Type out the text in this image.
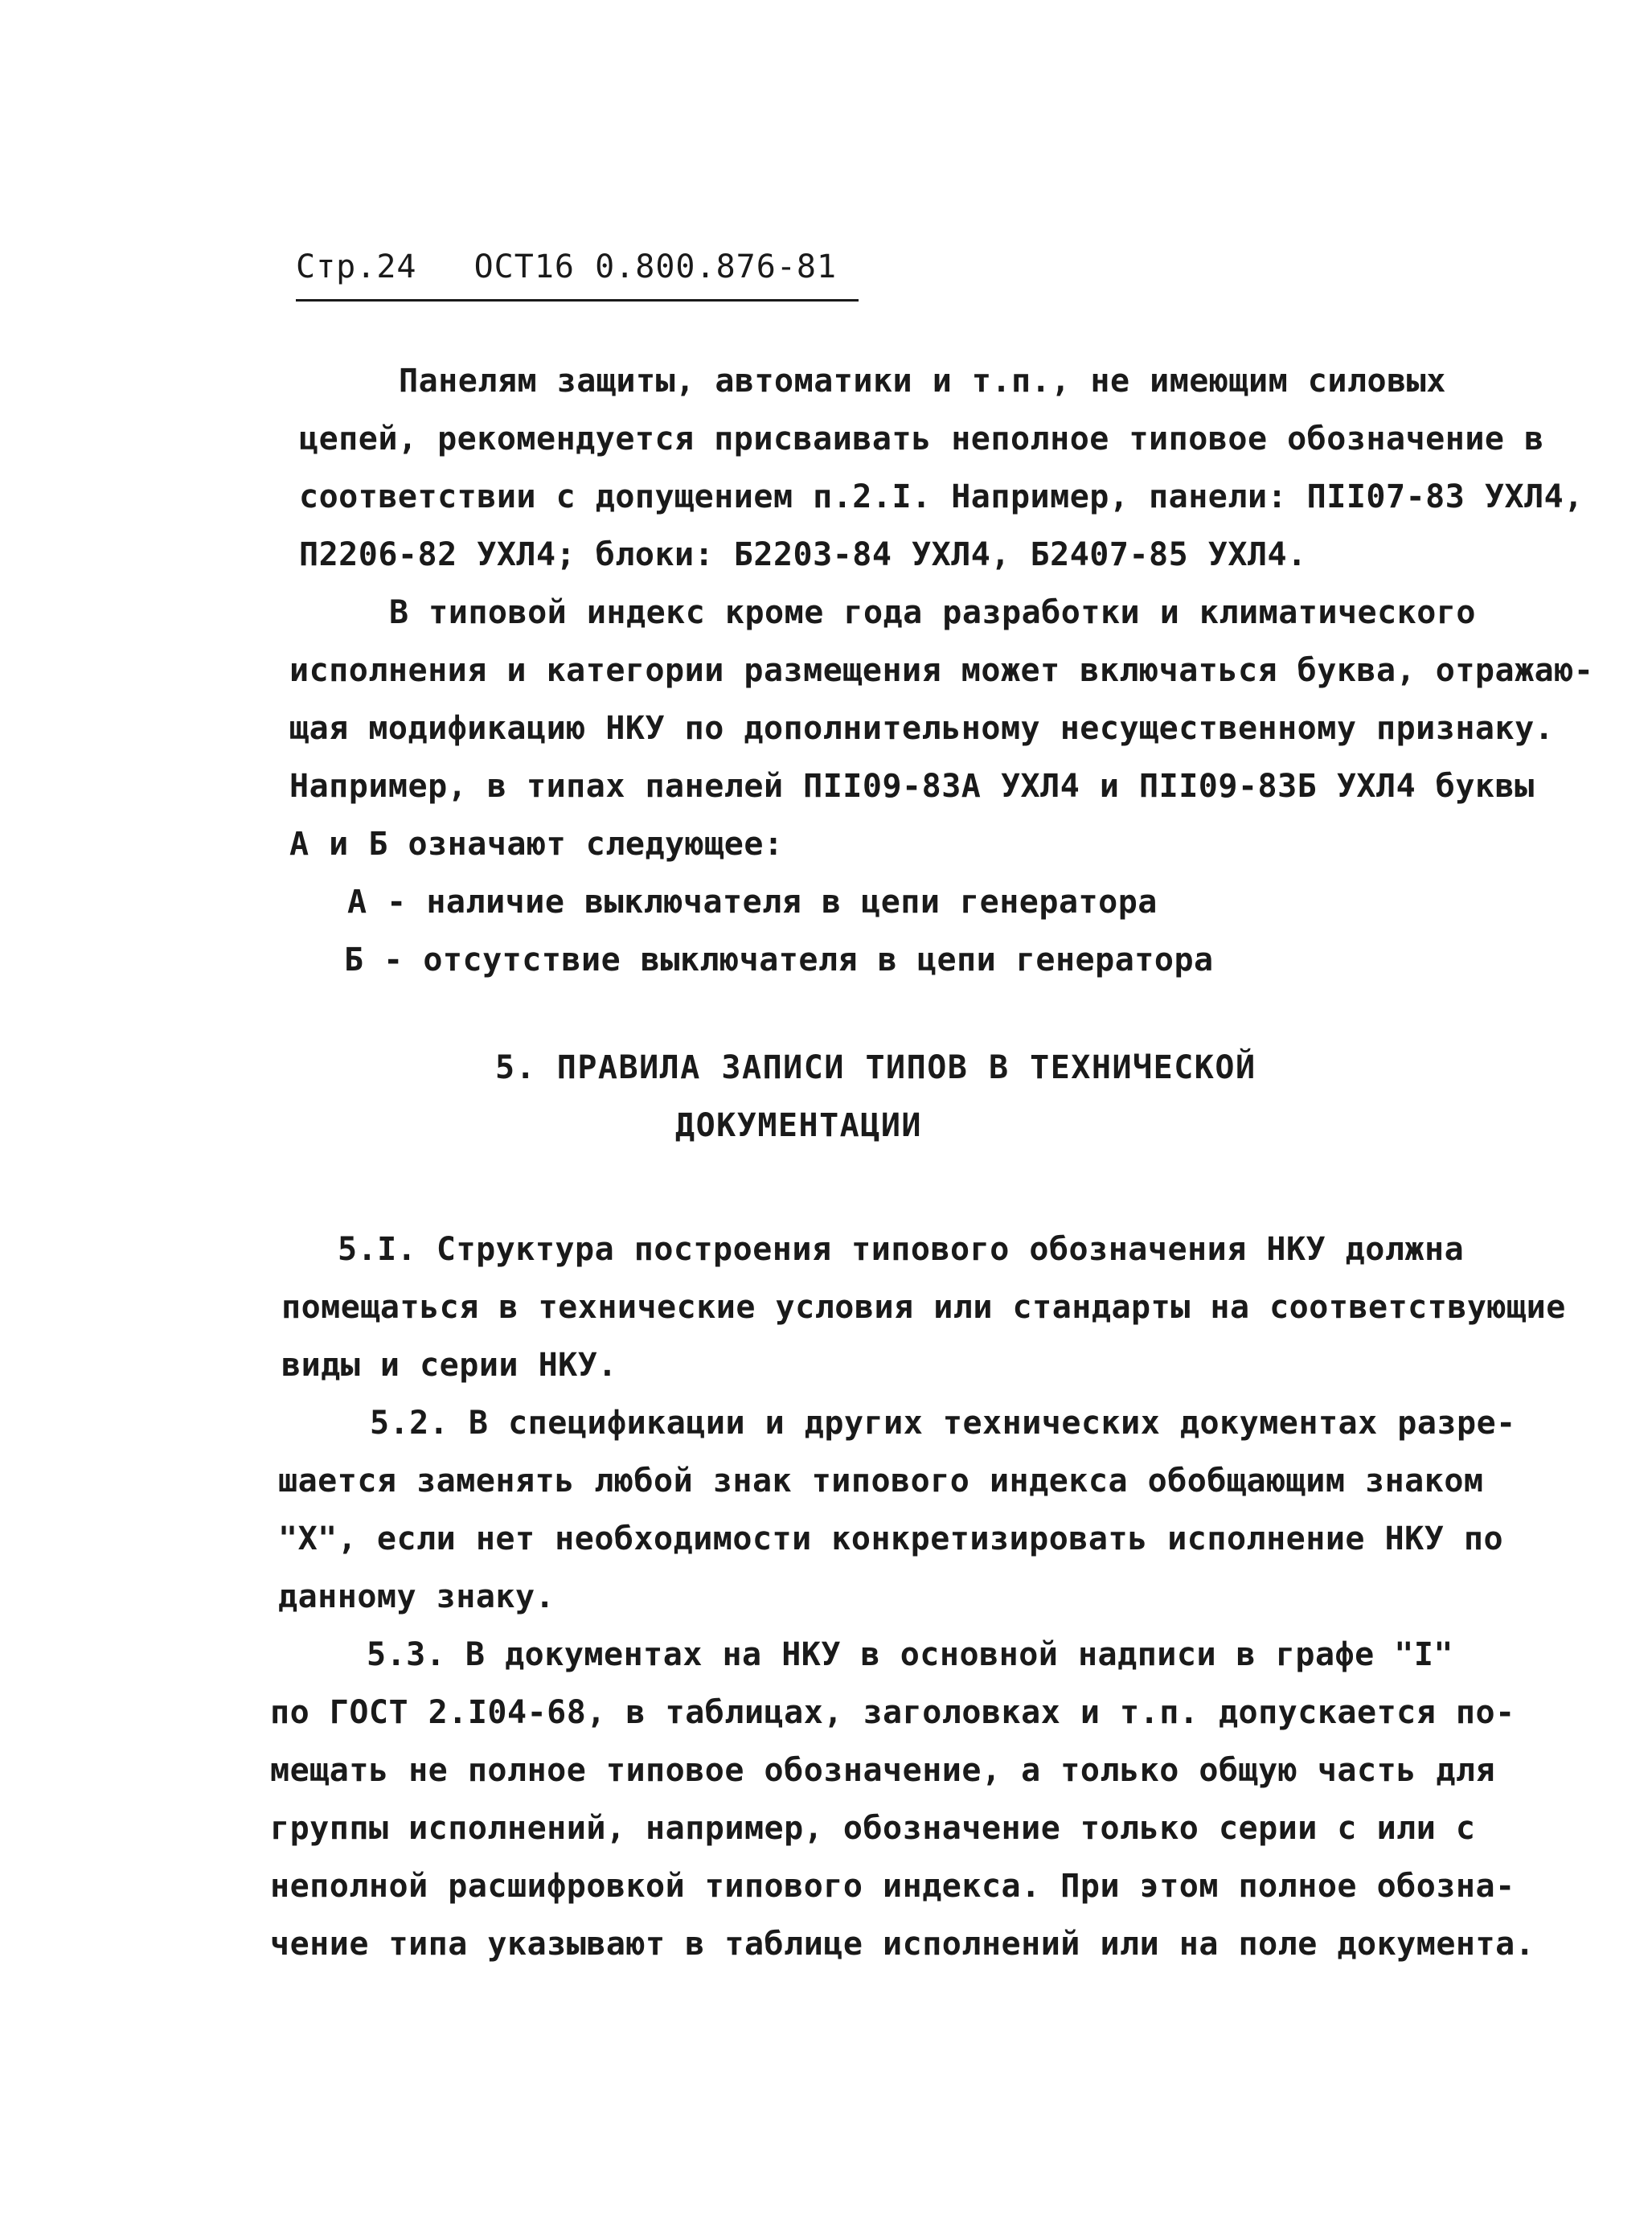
Стр.24 ОСТ16 0.800.876-81
Панелям защиты, автоматики и т.п., не имеющим силовых
цепей, рекомендуется присваивать неполное типовое обозначение в
соответствии с допущением п.2.I. Например, панели: ПII07-83 УХЛ4,
П2206-82 УХЛ4; блоки: Б2203-84 УХЛ4, Б2407-85 УХЛ4.
В типовой индекс кроме года разработки и климатического
исполнения и категории размещения может включаться буква, отражаю-
щая модификацию НКУ по дополнительному несущественному признаку.
Например, в типах панелей ПII09-83А УХЛ4 и ПII09-83Б УХЛ4 буквы
А и Б означают следующее:
А - наличие выключателя в цепи генератора
Б - отсутствие выключателя в цепи генератора
5. ПРАВИЛА ЗАПИСИ ТИПОВ В ТЕХНИЧЕСКОЙ
ДОКУМЕНТАЦИИ
5.I. Структура построения типового обозначения НКУ должна
помещаться в технические условия или стандарты на соответствующие
виды и серии НКУ.
5.2. В спецификации и других технических документах разре-
шается заменять любой знак типового индекса обобщающим знаком
"Х", если нет необходимости конкретизировать исполнение НКУ по
данному знаку.
5.3. В документах на НКУ в основной надписи в графе "I"
по ГОСТ 2.I04-68, в таблицах, заголовках и т.п. допускается по-
мещать не полное типовое обозначение, а только общую часть для
группы исполнений, например, обозначение только серии с или с
неполной расшифровкой типового индекса. При этом полное обозна-
чение типа указывают в таблице исполнений или на поле документа.
